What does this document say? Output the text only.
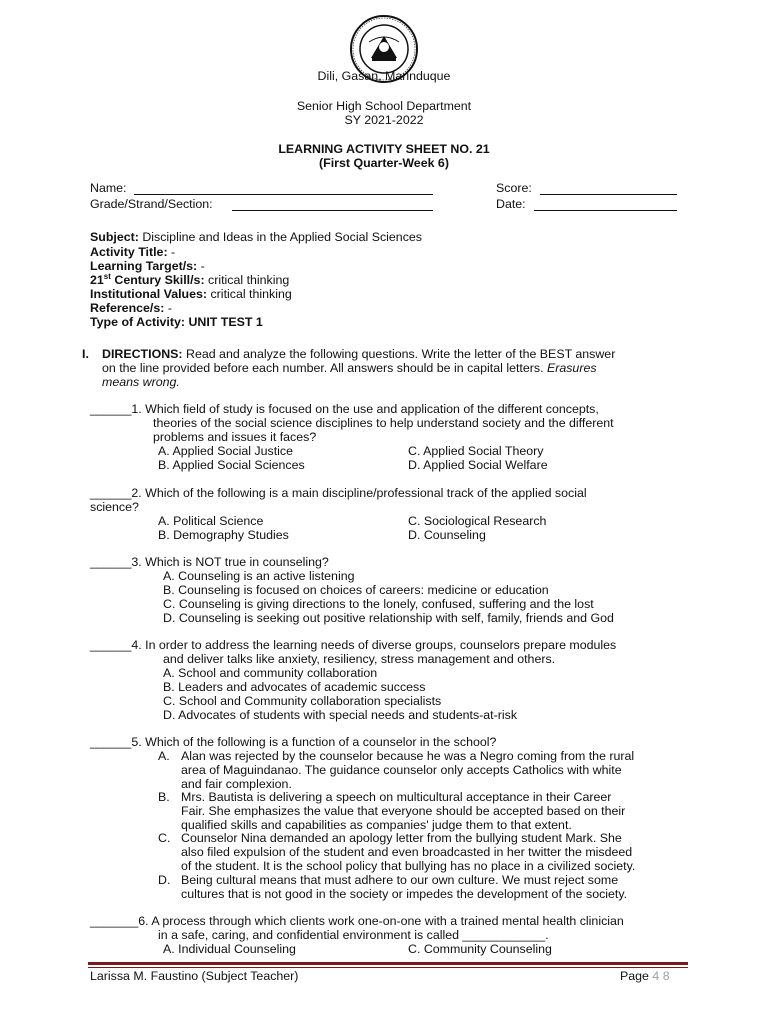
Dili, Gasan, Marinduque
Senior High School Department
SY 2021-2022
LEARNING ACTIVITY SHEET NO. 21
(First Quarter-Week 6)
Name:
Grade/Strand/Section:
Score:
Date:
Subject: Discipline and Ideas in the Applied Social Sciences
Activity Title: -
Learning Target/s: -
21st Century Skill/s: critical thinking
Institutional Values: critical thinking
Reference/s: -
Type of Activity: UNIT TEST 1
I. DIRECTIONS: Read and analyze the following questions. Write the letter of the BEST answer
on the line provided before each number. All answers should be in capital letters. Erasures
means wrong.
______1. Which field of study is focused on the use and application of the different concepts,
theories of the social science disciplines to help understand society and the different
problems and issues it faces?
A. Applied Social Justice
B. Applied Social Sciences
C. Applied Social Theory
D. Applied Social Welfare
______2. Which of the following is a main discipline/professional track of the applied social
science?
A. Political Science
B. Demography Studies
C. Sociological Research
D. Counseling
______3. Which is NOT true in counseling?
A. Counseling is an active listening
B. Counseling is focused on choices of careers: medicine or education
C. Counseling is giving directions to the lonely, confused, suffering and the lost
D. Counseling is seeking out positive relationship with self, family, friends and God
______4. In order to address the learning needs of diverse groups, counselors prepare modules
and deliver talks like anxiety, resiliency, stress management and others.
A. School and community collaboration
B. Leaders and advocates of academic success
C. School and Community collaboration specialists
D. Advocates of students with special needs and students-at-risk
______5. Which of the following is a function of a counselor in the school?
A. Alan was rejected by the counselor because he was a Negro coming from the rural
area of Maguindanao. The guidance counselor only accepts Catholics with white
and fair complexion.
B. Mrs. Bautista is delivering a speech on multicultural acceptance in their Career
Fair. She emphasizes the value that everyone should be accepted based on their
qualified skills and capabilities as companies' judge them to that extent.
C. Counselor Nina demanded an apology letter from the bullying student Mark. She
also filed expulsion of the student and even broadcasted in her twitter the misdeed
of the student. It is the school policy that bullying has no place in a civilized society.
D. Being cultural means that must adhere to our own culture. We must reject some
cultures that is not good in the society or impedes the development of the society.
_______6. A process through which clients work one-on-one with a trained mental health clinician
in a safe, caring, and confidential environment is called ____________.
A. Individual Counseling	C. Community Counseling
Larissa M. Faustino (Subject Teacher)	Page 4 8
